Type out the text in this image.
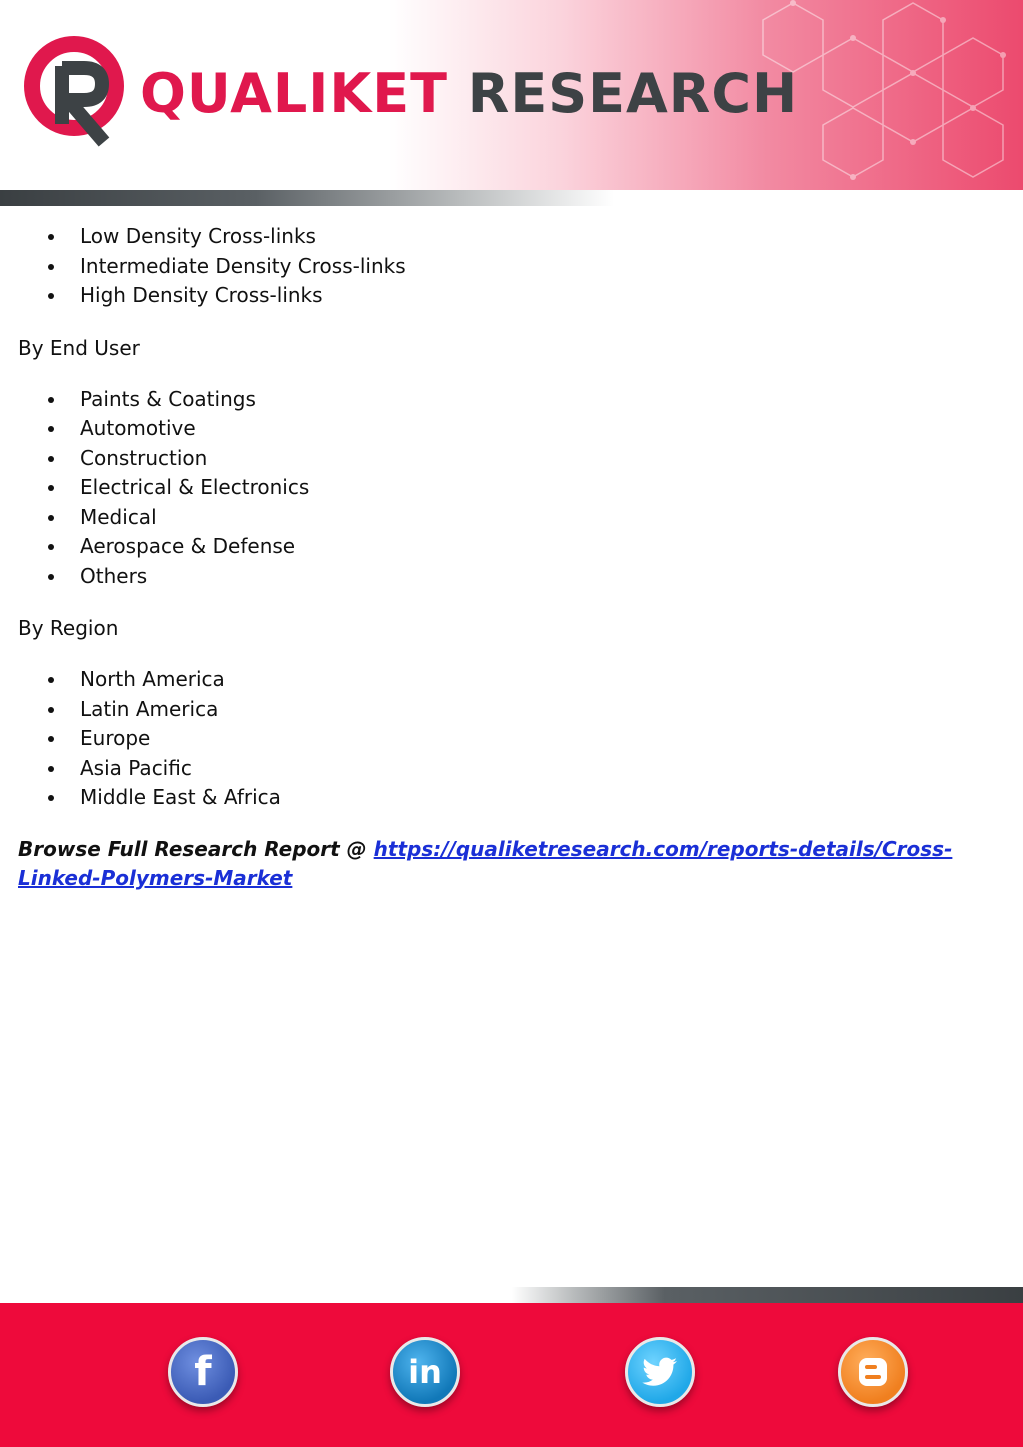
QUALIKET RESEARCH
Low Density Cross-links
Intermediate Density Cross-links
High Density Cross-links
By End User
Paints & Coatings
Automotive
Construction
Electrical & Electronics
Medical
Aerospace & Defense
Others
By Region
North America
Latin America
Europe
Asia Pacific
Middle East & Africa
Browse Full Research Report @ https://qualiketresearch.com/reports-details/Cross-Linked-Polymers-Market
f	in
